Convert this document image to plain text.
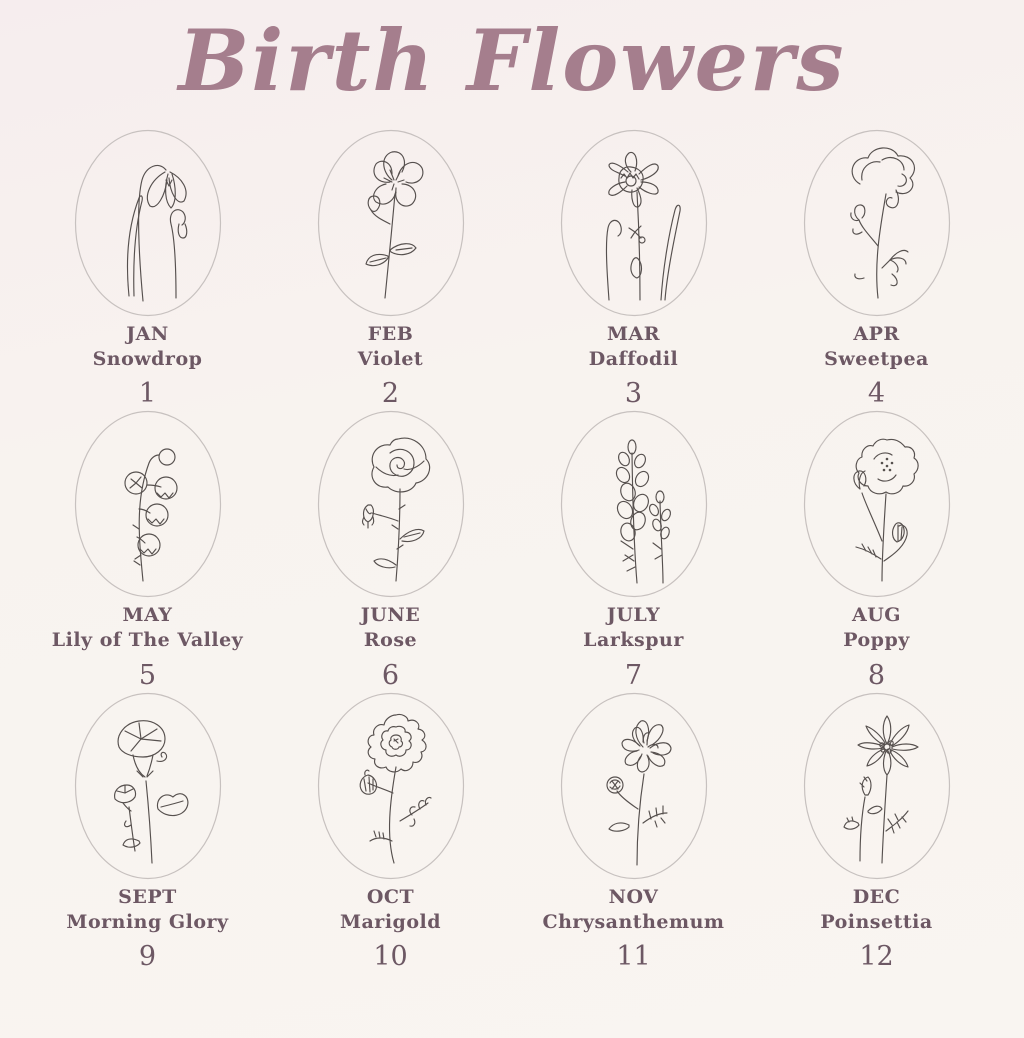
Birth Flowers
JAN
Snowdrop
1
FEB
Violet
2
MAR
Daffodil
3
APR
Sweetpea
4
MAY
Lily of The Valley
5
JUNE
Rose
6
JULY
Larkspur
7
AUG
Poppy
8
SEPT
Morning Glory
9
OCT
Marigold
10
NOV
Chrysanthemum
11
DEC
Poinsettia
12
